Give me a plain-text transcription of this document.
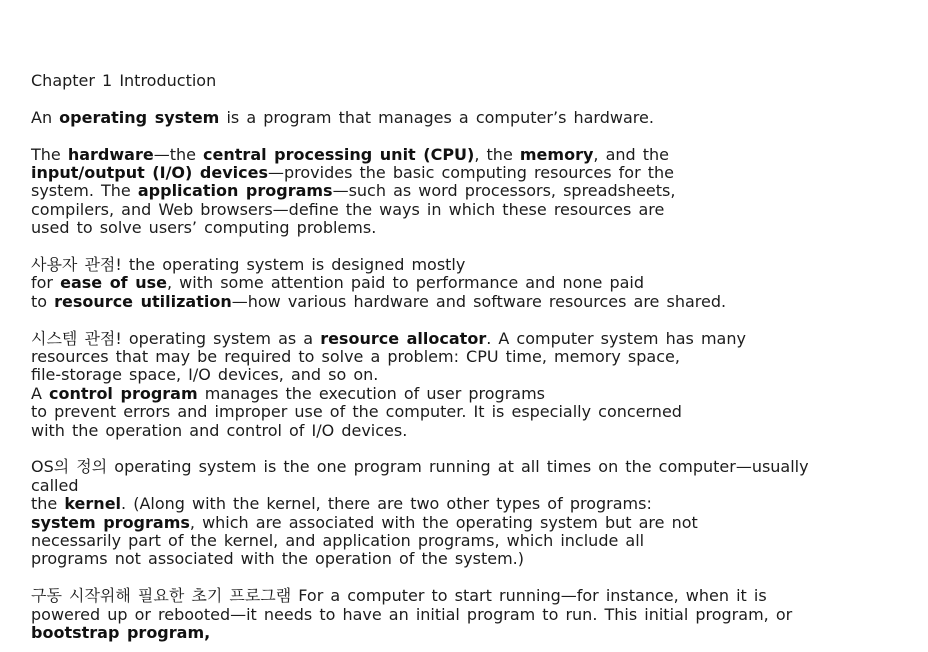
Chapter 1 Introduction

An operating system is a program that manages a computer’s hardware.

The hardware—the central processing unit (CPU), the memory, and the

input/output (I/O) devices—provides the basic computing resources for the

system. The application programs—such as word processors, spreadsheets,

compilers, and Web browsers—define the ways in which these resources are

used to solve users’ computing problems.

사용자 관점! the operating system is designed mostly

for ease of use, with some attention paid to performance and none paid

to resource utilization—how various hardware and software resources are shared.

시스템 관점! operating system as a resource allocator. A computer system has many

resources that may be required to solve a problem: CPU time, memory space,

file-storage space, I/O devices, and so on.

A control program manages the execution of user programs

to prevent errors and improper use of the computer. It is especially concerned

with the operation and control of I/O devices.

OS의 정의 operating system is the one program running at all times on the computer—usually

called

the kernel. (Along with the kernel, there are two other types of programs:

system programs, which are associated with the operating system but are not

necessarily part of the kernel, and application programs, which include all

programs not associated with the operation of the system.)

구동 시작위해 필요한 초기 프로그램 For a computer to start running—for instance, when it is

powered up or rebooted—it needs to have an initial program to run. This initial program, or

bootstrap program,
